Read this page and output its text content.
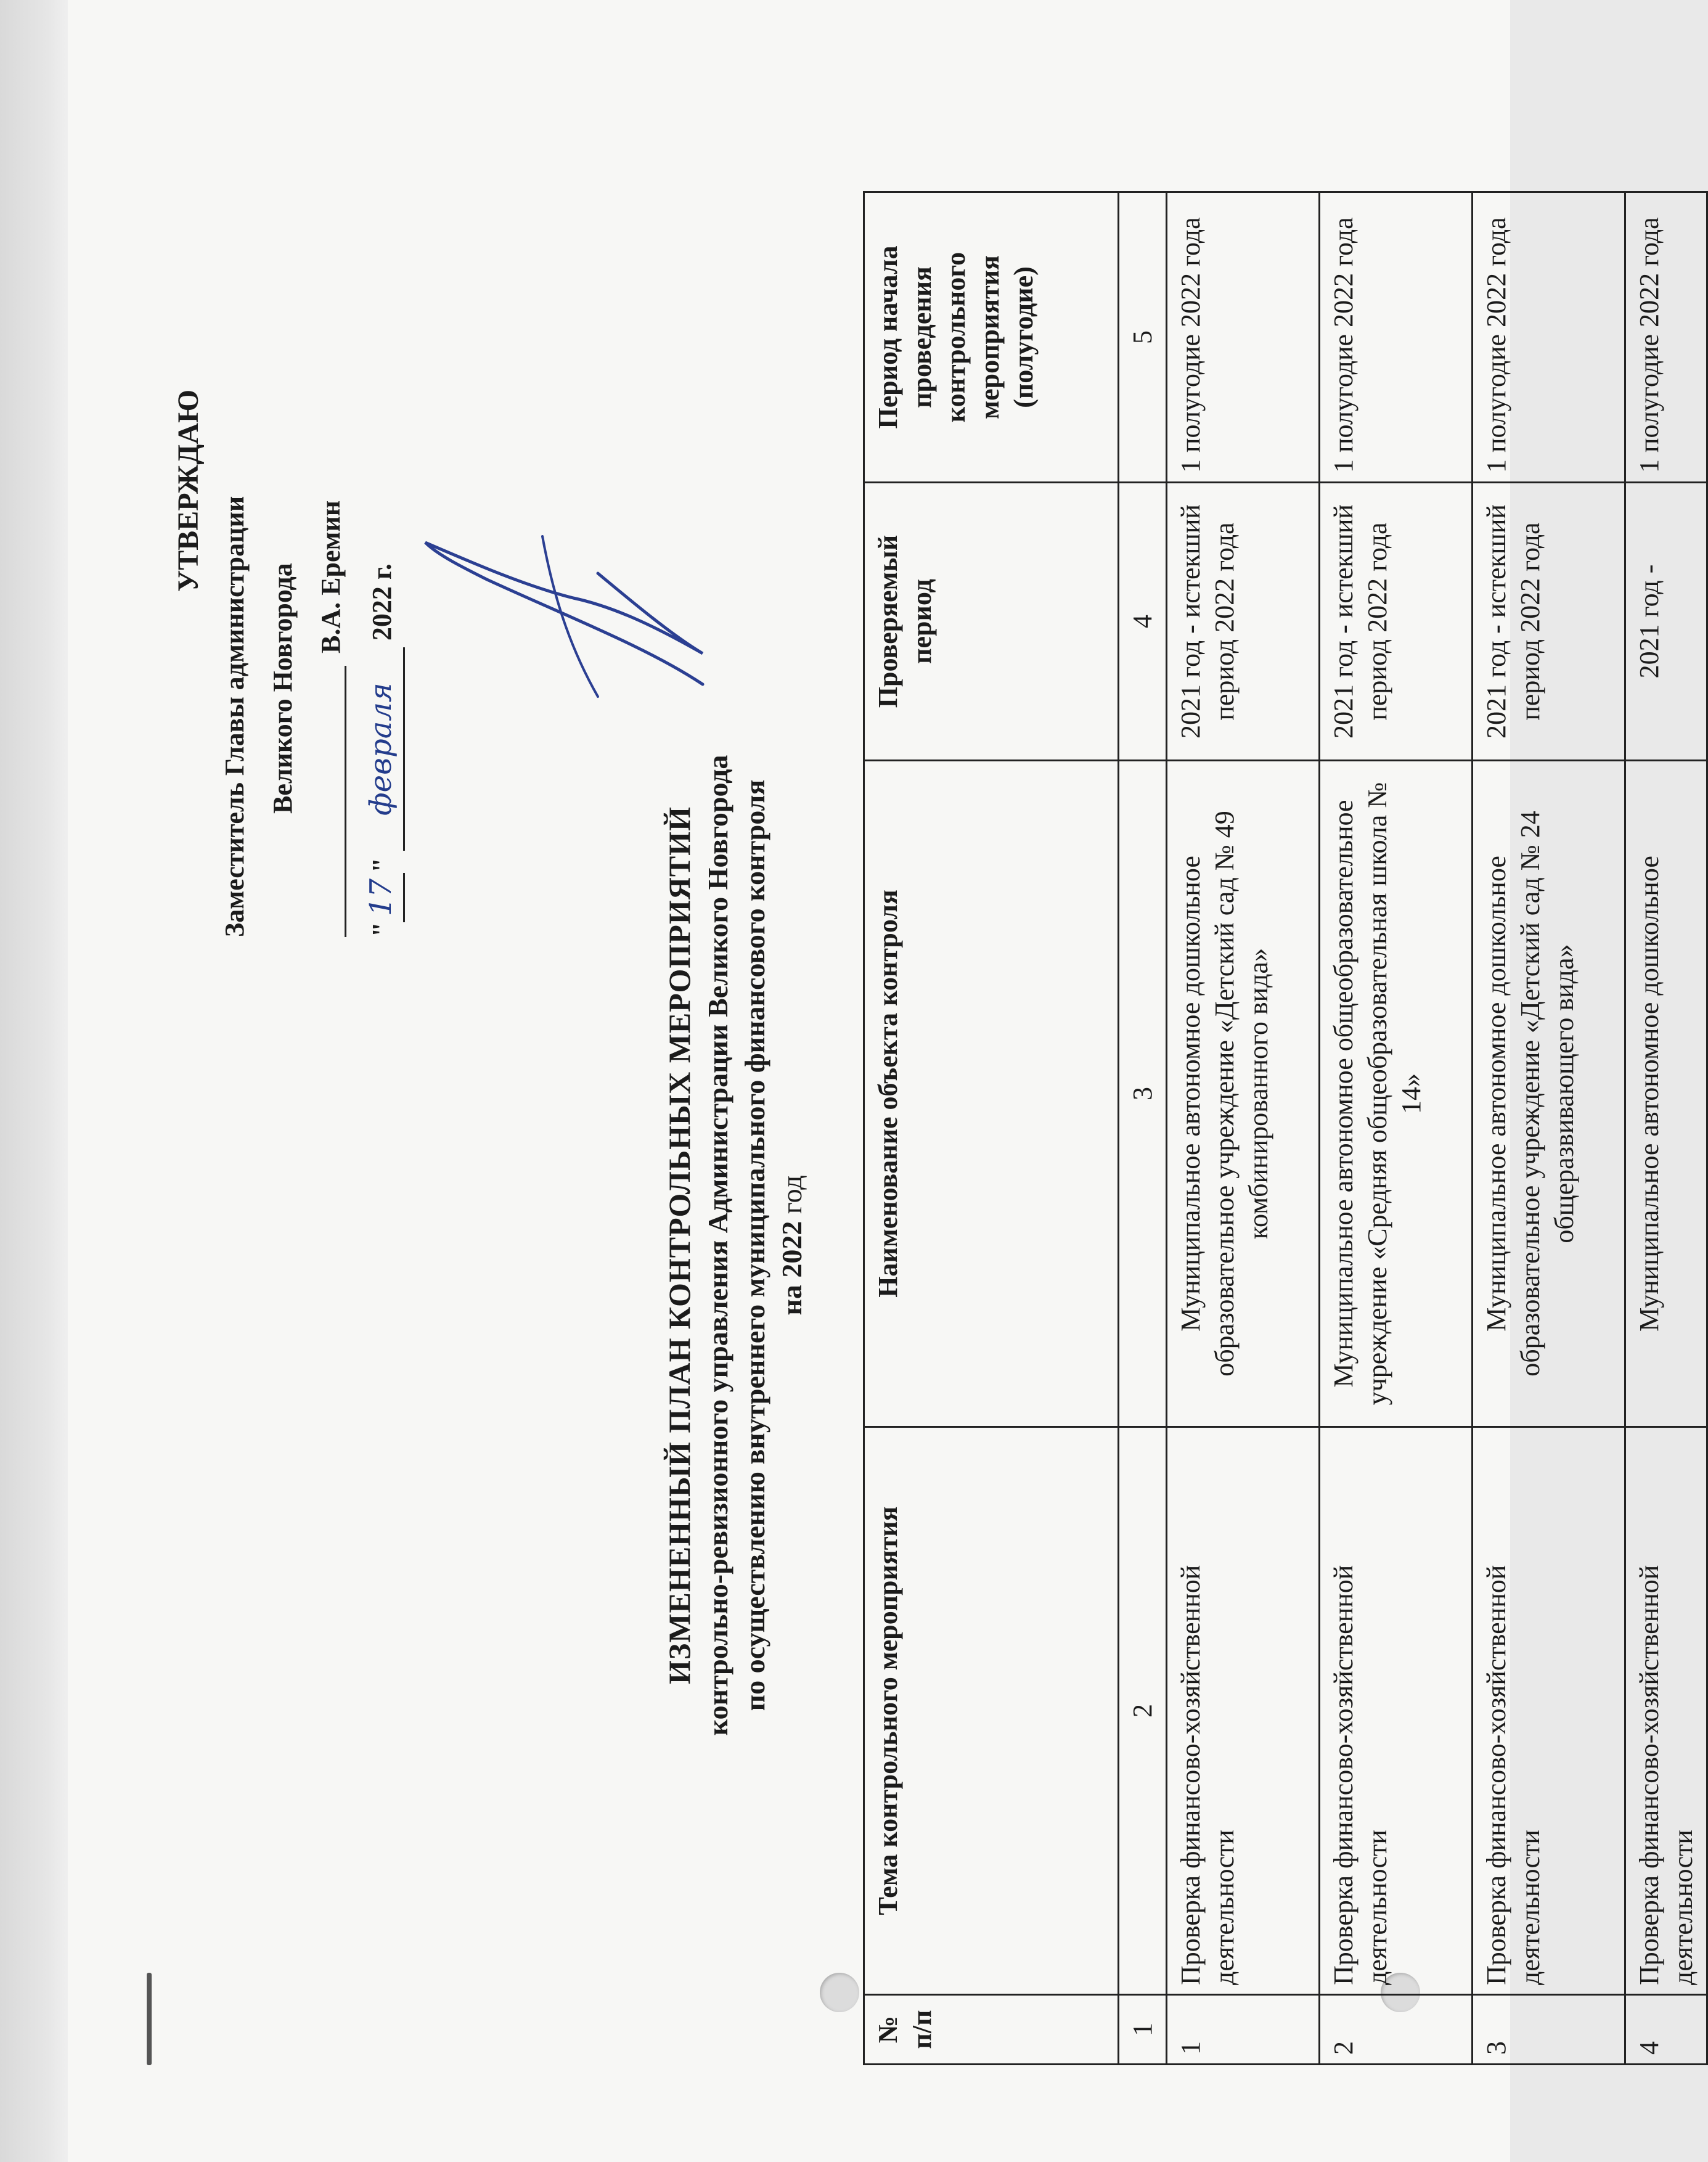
УТВЕРЖДАЮ
Заместитель Главы администрации Великого Новгорода В.А. Еремин
"17" февраля 2022 г.
ИЗМЕНЕННЫЙ ПЛАН КОНТРОЛЬНЫХ МЕРОПРИЯТИЙ контрольно-ревизионного управления Администрации Великого Новгорода по осуществлению внутреннего муниципального финансового контроля на 2022 год
№ п/п	Тема контрольного мероприятия	Наименование объекта контроля	Проверяемый период	Период начала проведения контрольного мероприятия (полугодие)
1	2	3	4	5
1	Проверка финансово-хозяйственной деятельности	Муниципальное автономное дошкольное образовательное учреждение «Детский сад № 49 комбинированного вида»	2021 год - истекший период 2022 года	1 полугодие 2022 года
2	Проверка финансово-хозяйственной деятельности	Муниципальное автономное общеобразовательное учреждение «Средняя общеобразовательная школа № 14»	2021 год - истекший период 2022 года	1 полугодие 2022 года
3	Проверка финансово-хозяйственной деятельности	Муниципальное автономное дошкольное образовательное учреждение «Детский сад № 24 общеразвивающего вида»	2021 год - истекший период 2022 года	1 полугодие 2022 года
4	Проверка финансово-хозяйственной деятельности	Муниципальное автономное дошкольное	2021 год -	1 полугодие 2022 года
